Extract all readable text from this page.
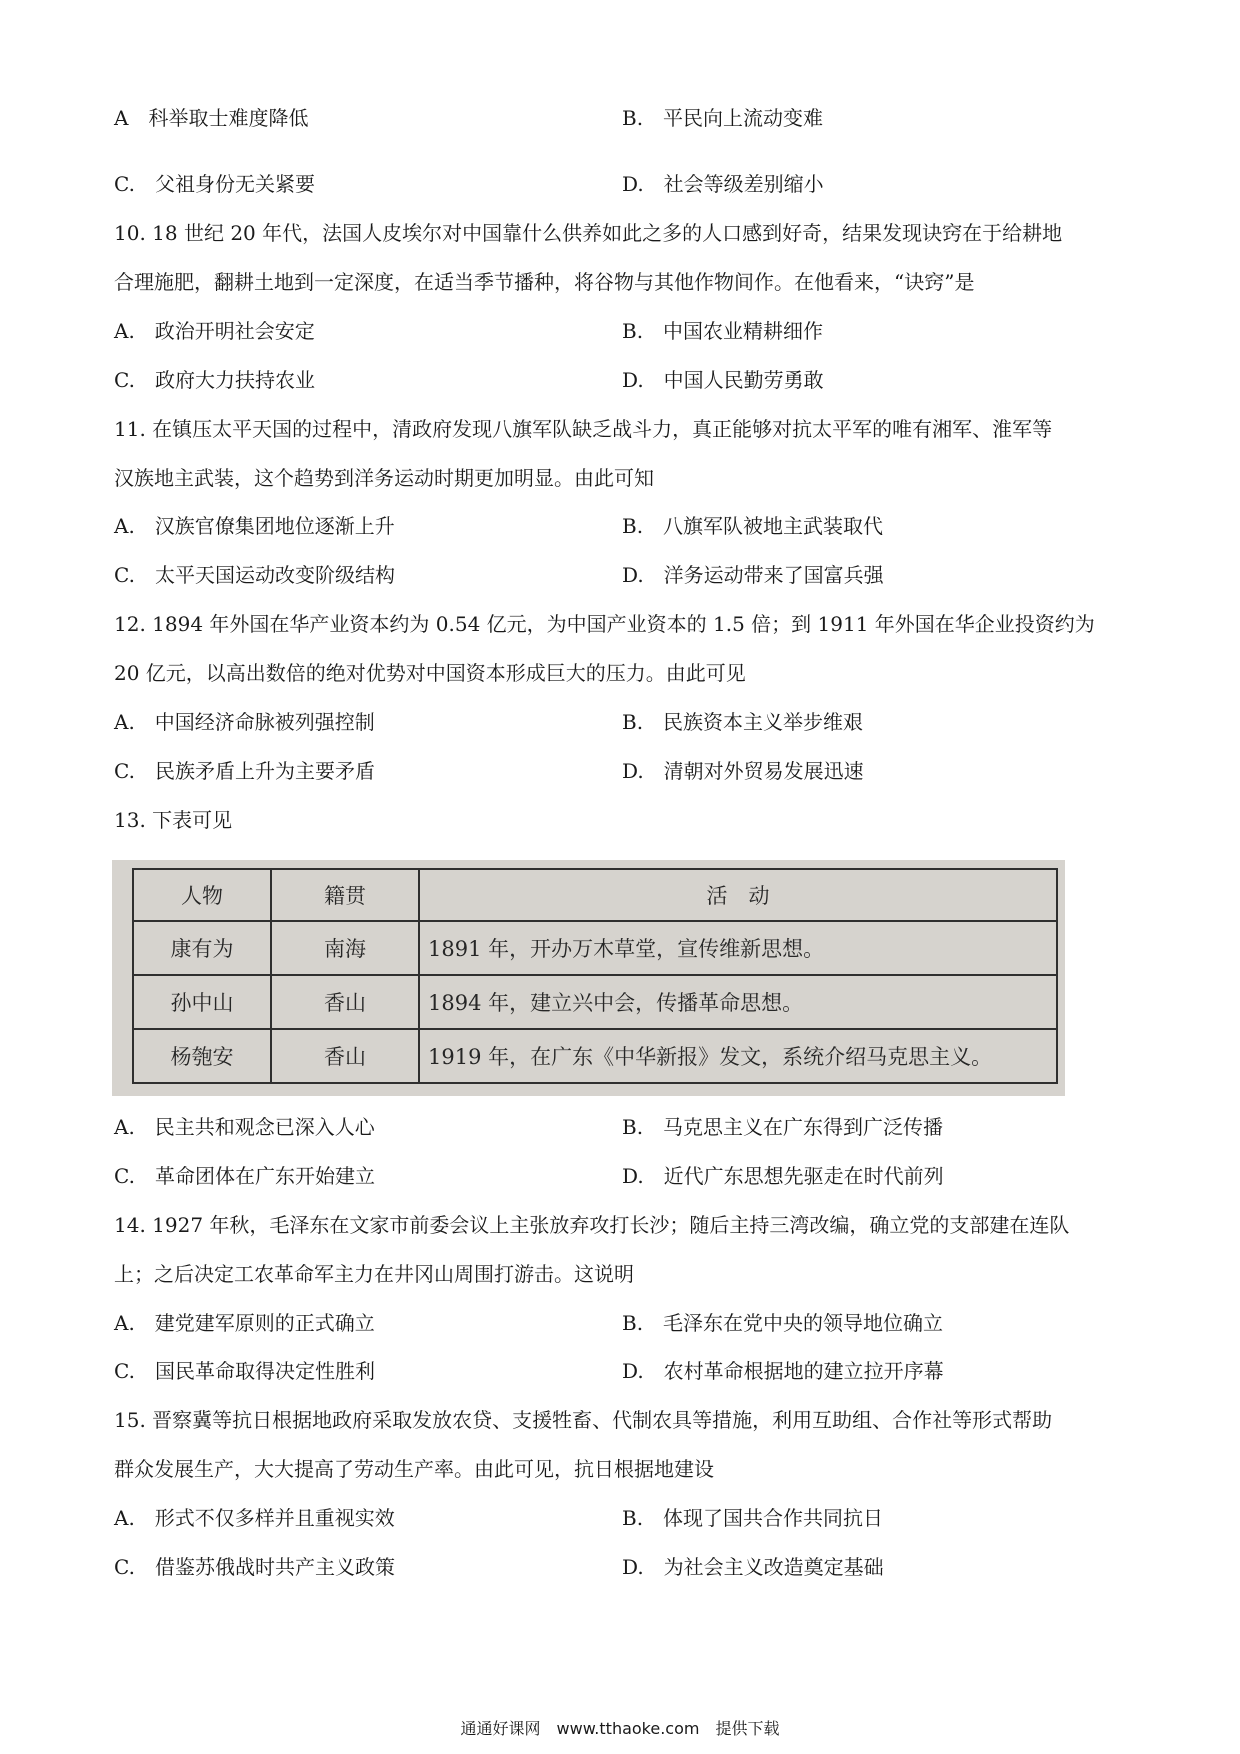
A　科举取士难度降低	B.　平民向上流动变难
C.　父祖身份无关紧要	D.　社会等级差别缩小
10. 18 世纪 20 年代，法国人皮埃尔对中国靠什么供养如此之多的人口感到好奇，结果发现诀窍在于给耕地
合理施肥，翻耕土地到一定深度，在适当季节播种，将谷物与其他作物间作。在他看来，“诀窍”是
A.　政治开明社会安定	B.　中国农业精耕细作
C.　政府大力扶持农业	D.　中国人民勤劳勇敢
11. 在镇压太平天国的过程中，清政府发现八旗军队缺乏战斗力，真正能够对抗太平军的唯有湘军、淮军等
汉族地主武装，这个趋势到洋务运动时期更加明显。由此可知
A.　汉族官僚集团地位逐渐上升	B.　八旗军队被地主武装取代
C.　太平天国运动改变阶级结构	D.　洋务运动带来了国富兵强
12. 1894 年外国在华产业资本约为 0.54 亿元，为中国产业资本的 1.5 倍；到 1911 年外国在华企业投资约为
20 亿元，以高出数倍的绝对优势对中国资本形成巨大的压力。由此可见
A.　中国经济命脉被列强控制	B.　民族资本主义举步维艰
C.　民族矛盾上升为主要矛盾	D.　清朝对外贸易发展迅速
13. 下表可见
人物	籍贯	活　动
康有为	南海	1891 年，开办万木草堂，宣传维新思想。
孙中山	香山	1894 年，建立兴中会，传播革命思想。
杨匏安	香山	1919 年，在广东《中华新报》发文，系统介绍马克思主义。
A.　民主共和观念已深入人心	B.　马克思主义在广东得到广泛传播
C.　革命团体在广东开始建立	D.　近代广东思想先驱走在时代前列
14. 1927 年秋，毛泽东在文家市前委会议上主张放弃攻打长沙；随后主持三湾改编，确立党的支部建在连队
上；之后决定工农革命军主力在井冈山周围打游击。这说明
A.　建党建军原则的正式确立	B.　毛泽东在党中央的领导地位确立
C.　国民革命取得决定性胜利	D.　农村革命根据地的建立拉开序幕
15. 晋察冀等抗日根据地政府采取发放农贷、支援牲畜、代制农具等措施，利用互助组、合作社等形式帮助
群众发展生产，大大提高了劳动生产率。由此可见，抗日根据地建设
A.　形式不仅多样并且重视实效	B.　体现了国共合作共同抗日
C.　借鉴苏俄战时共产主义政策	D.　为社会主义改造奠定基础
通通好课网　www.tthaoke.com　提供下载
